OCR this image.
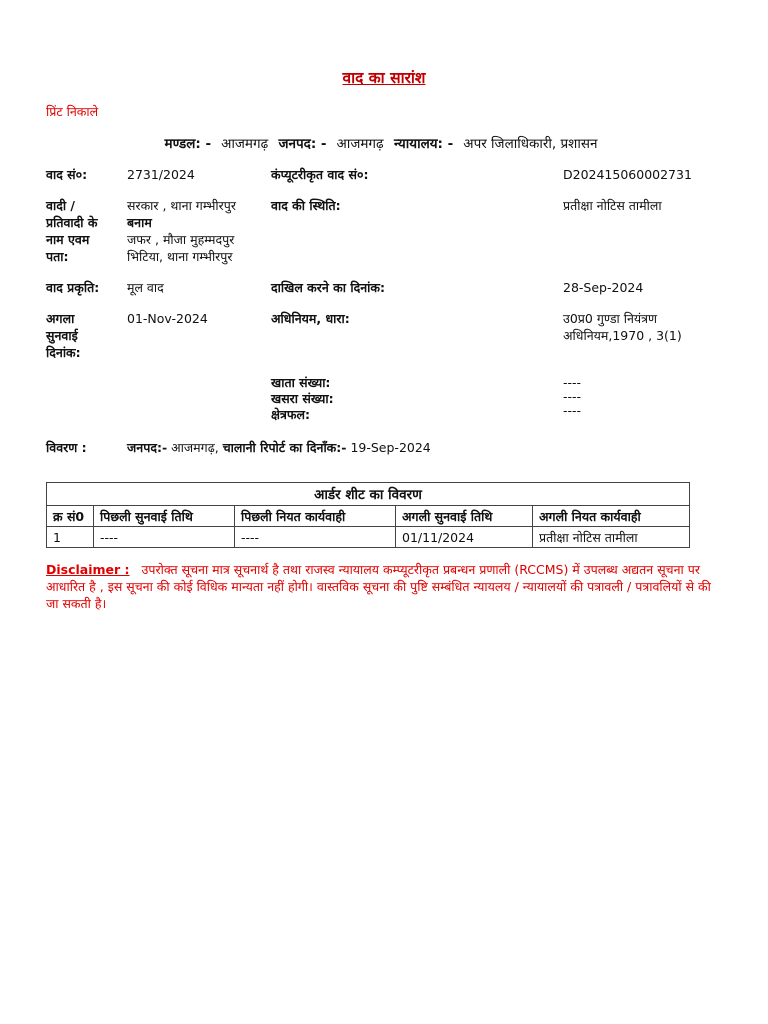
वाद का सारांश
प्रिंट निकाले
मण्डल: - आजमगढ़ जनपद: - आजमगढ़ न्यायालय: - अपर जिलाधिकारी, प्रशासन
वाद सं०:	2731/2024	कंप्यूटरीकृत वाद सं०:	D202415060002731
वादी /
प्रतिवादी के
नाम एवम
पता:
सरकार , थाना गम्भीरपुर
बनाम
जफर , मौजा मुहम्मदपुर
भिटिया, थाना गम्भीरपुर
वाद की स्थिति:	प्रतीक्षा नोटिस तामीला
वाद प्रकृति:	मूल वाद	दाखिल करने का दिनांक:	28-Sep-2024
अगला
सुनवाई
दिनांक:
01-Nov-2024	अधिनियम, धारा:	उ0प्र0 गुण्डा नियंत्रण
अधिनियम,1970 , 3(1)
खाता संख्या:	----
खसरा संख्या:	----
क्षेत्रफल:	----
विवरण :	जनपद:- आजमगढ़, चालानी रिपोर्ट का दिनाँक:- 19-Sep-2024
आर्डर शीट का विवरण				
क्र सं0	पिछली सुनवाई तिथि	पिछली नियत कार्यवाही	अगली सुनवाई तिथि	अगली नियत कार्यवाही
1	----	----	01/11/2024	प्रतीक्षा नोटिस तामीला
Disclaimer : उपरोक्त सूचना मात्र सूचनार्थ है तथा राजस्व न्यायालय कम्प्यूटरीकृत प्रबन्धन प्रणाली (RCCMS) में उपलब्ध अद्यतन सूचना पर आधारित है , इस सूचना की कोई विधिक मान्यता नहीं होगी। वास्तविक सूचना की पुष्टि सम्बंधित न्यायलय / न्यायालयों की पत्रावली / पत्रावलियों से की जा सकती है।
